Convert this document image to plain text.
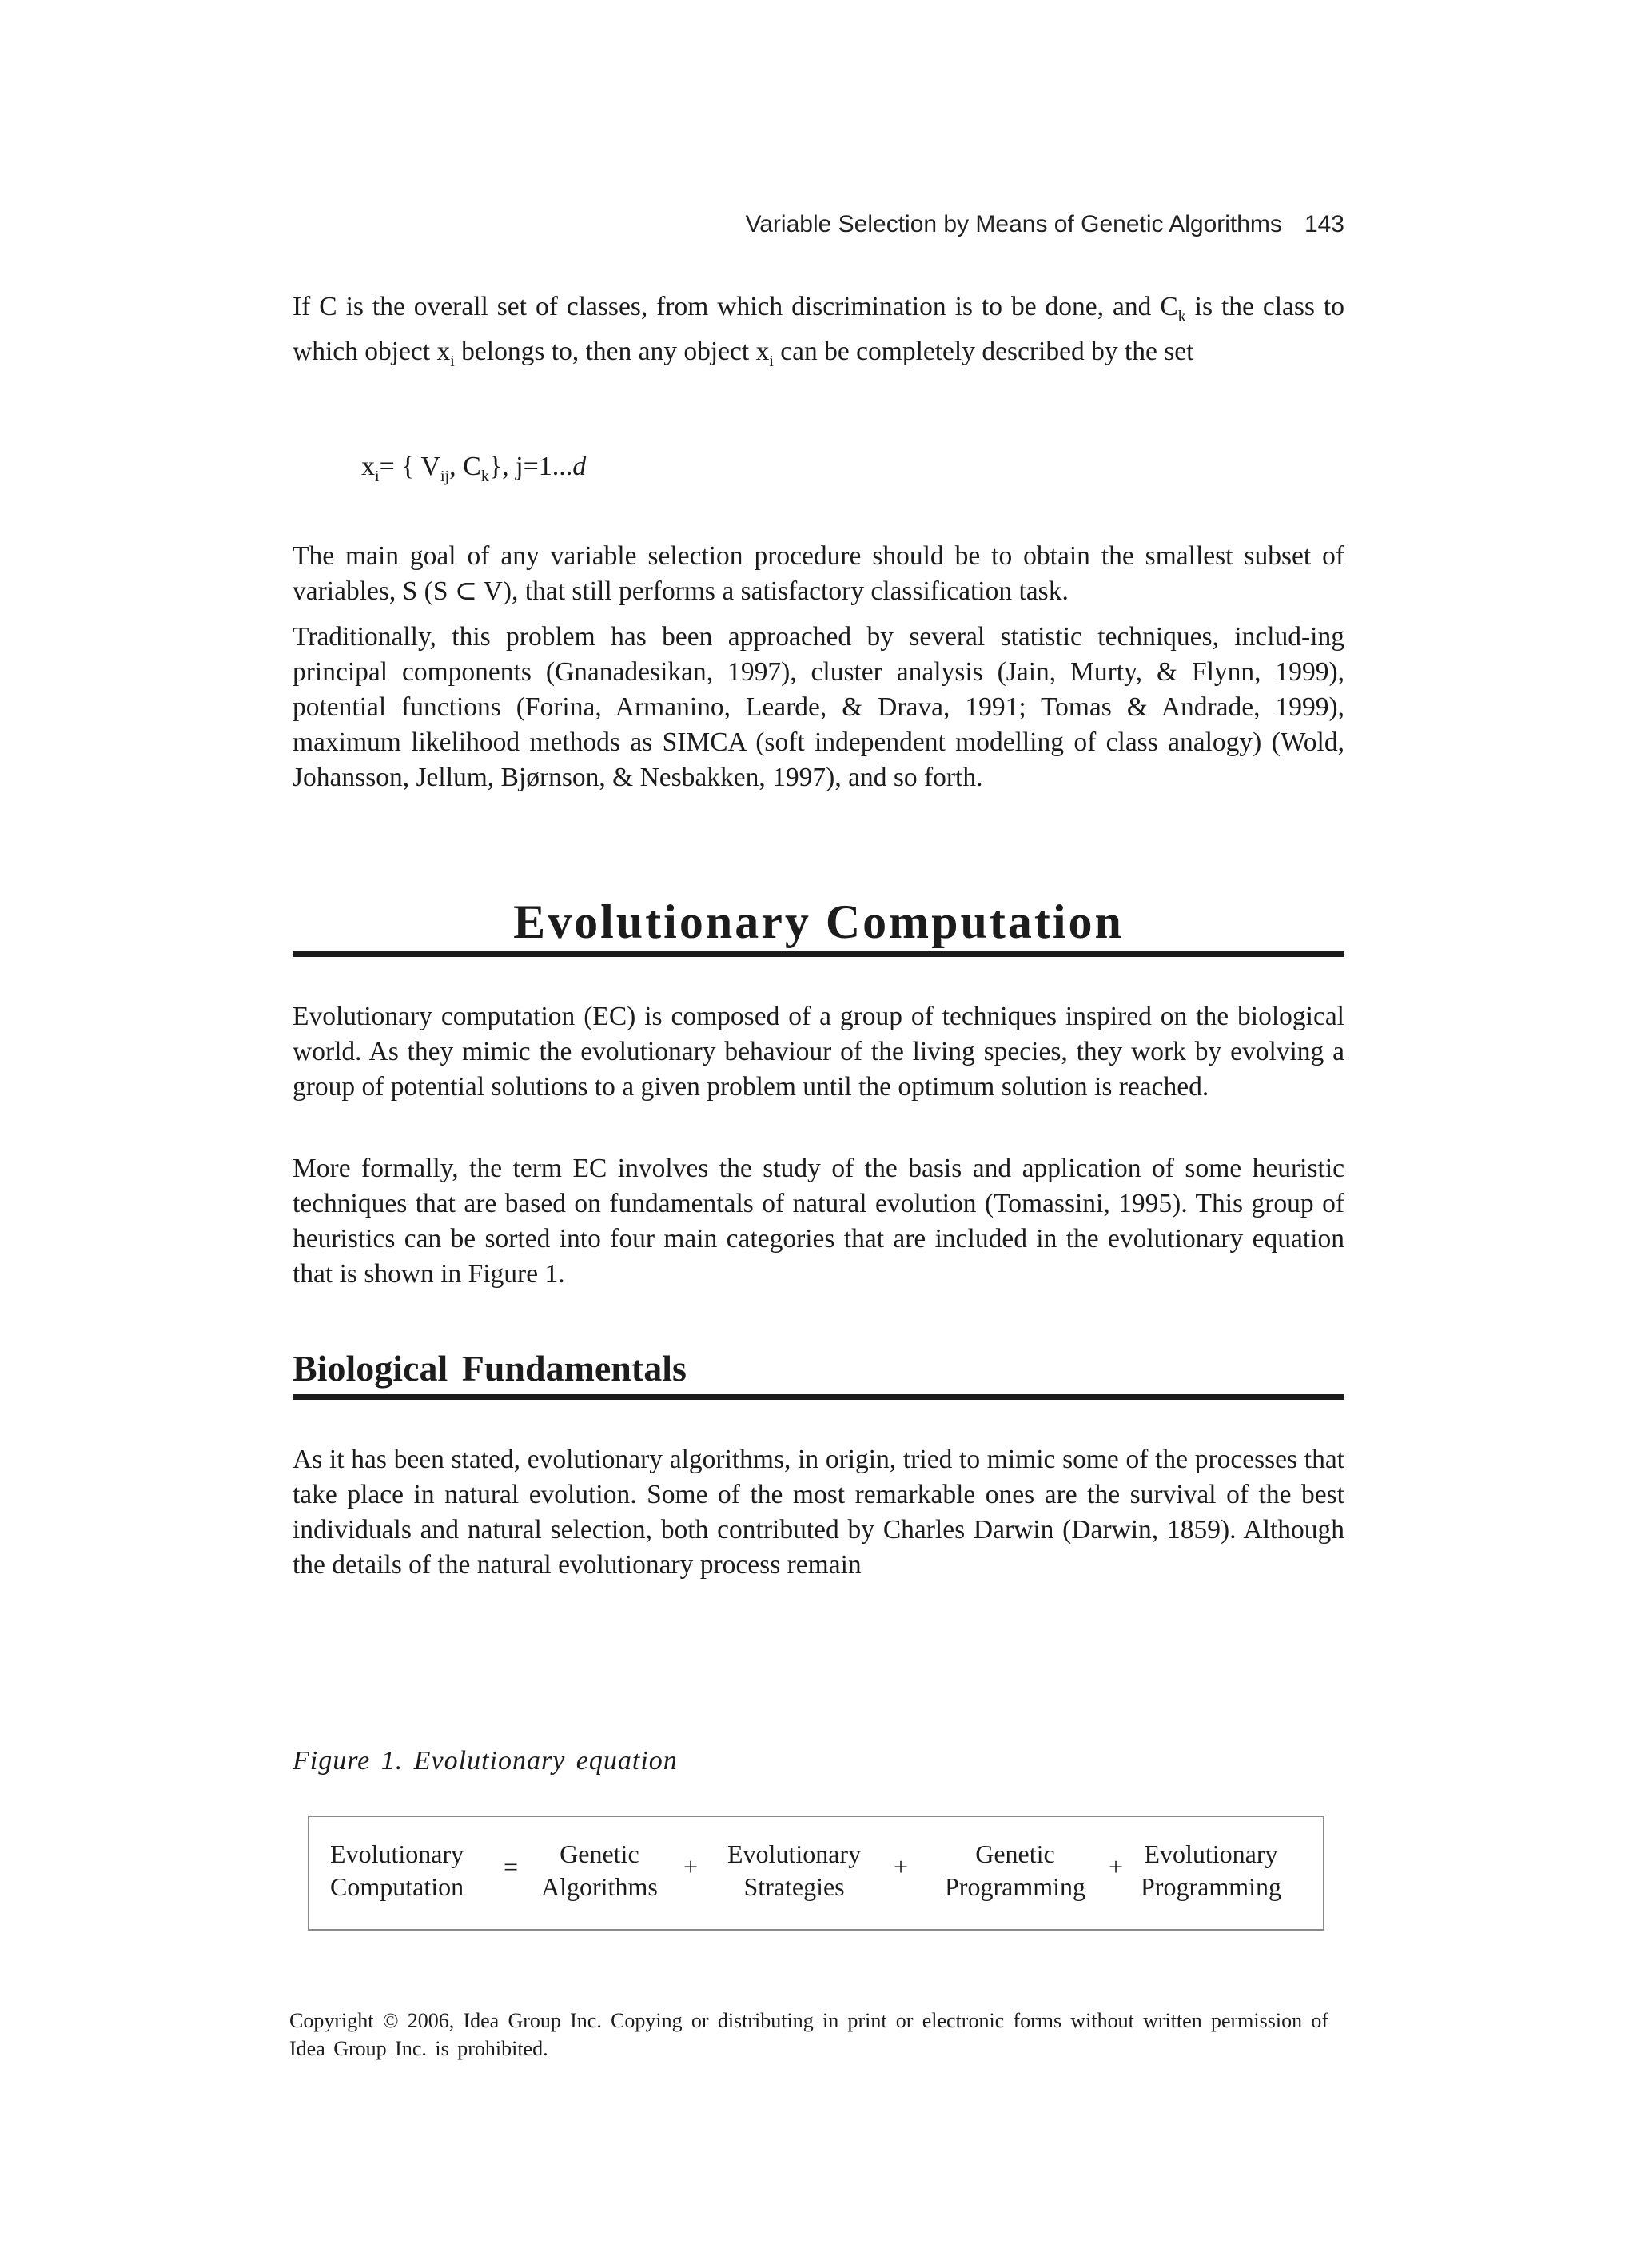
Variable Selection by Means of Genetic Algorithms 143

If C is the overall set of classes, from which discrimination is to be done, and $C_k$ is the class to which object $x_i$ belongs to, then any object $x_i$ can be completely described by the set

$x_i=$ { $V_{ij}$, $C_k$}, j=1...d

The main goal of any variable selection procedure should be to obtain the smallest subset of variables, S (S ⊂ V), that still performs a satisfactory classification task.

Traditionally, this problem has been approached by several statistic techniques, includ-ing principal components (Gnanadesikan, 1997), cluster analysis (Jain, Murty, & Flynn, 1999), potential functions (Forina, Armanino, Learde, & Drava, 1991; Tomas & Andrade, 1999), maximum likelihood methods as SIMCA (soft independent modelling of class analogy) (Wold, Johansson, Jellum, Bjørnson, & Nesbakken, 1997), and so forth.

Evolutionary Computation

Evolutionary computation (EC) is composed of a group of techniques inspired on the biological world. As they mimic the evolutionary behaviour of the living species, they work by evolving a group of potential solutions to a given problem until the optimum solution is reached.

More formally, the term EC involves the study of the basis and application of some heuristic techniques that are based on fundamentals of natural evolution (Tomassini, 1995). This group of heuristics can be sorted into four main categories that are included in the evolutionary equation that is shown in Figure 1.

Biological Fundamentals

As it has been stated, evolutionary algorithms, in origin, tried to mimic some of the processes that take place in natural evolution. Some of the most remarkable ones are the survival of the best individuals and natural selection, both contributed by Charles Darwin (Darwin, 1859). Although the details of the natural evolutionary process remain

Figure 1. Evolutionary equation
Evolutionary
Computation
=	Genetic
Algorithms
+ Evolutionary
Strategies
+	Genetic
Programming
+ Evolutionary
Programming
Copyright © 2006, Idea Group Inc. Copying or distributing in print or electronic forms without written permission of Idea Group Inc. is prohibited.
